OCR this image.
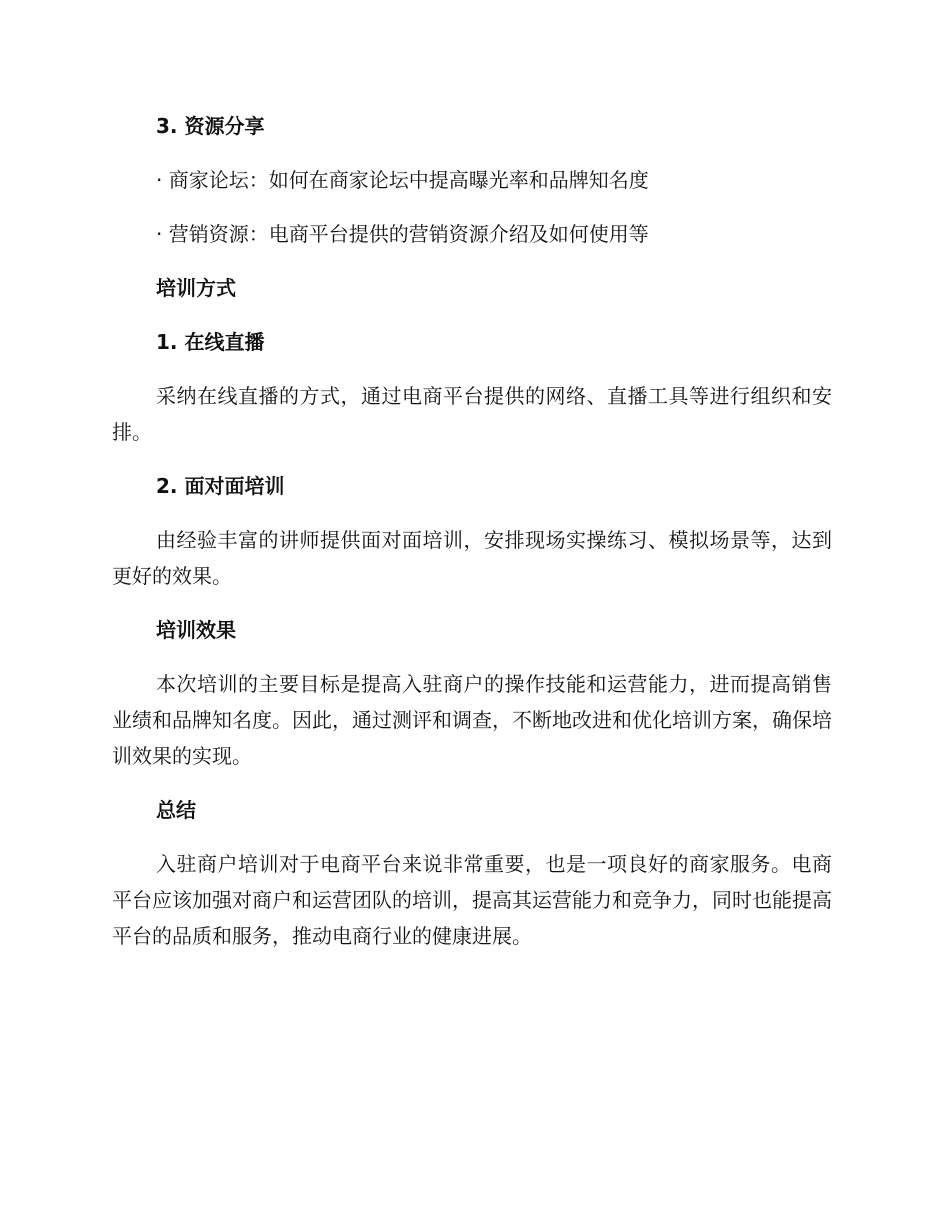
3. 资源分享
· 商家论坛：如何在商家论坛中提高曝光率和品牌知名度
· 营销资源：电商平台提供的营销资源介绍及如何使用等
培训方式
1. 在线直播
采纳在线直播的方式，通过电商平台提供的网络、直播工具等进行组织和安排。
2. 面对面培训
由经验丰富的讲师提供面对面培训，安排现场实操练习、模拟场景等，达到更好的效果。
培训效果
本次培训的主要目标是提高入驻商户的操作技能和运营能力，进而提高销售业绩和品牌知名度。因此，通过测评和调查，不断地改进和优化培训方案，确保培训效果的实现。
总结
入驻商户培训对于电商平台来说非常重要，也是一项良好的商家服务。电商平台应该加强对商户和运营团队的培训，提高其运营能力和竞争力，同时也能提高平台的品质和服务，推动电商行业的健康进展。
